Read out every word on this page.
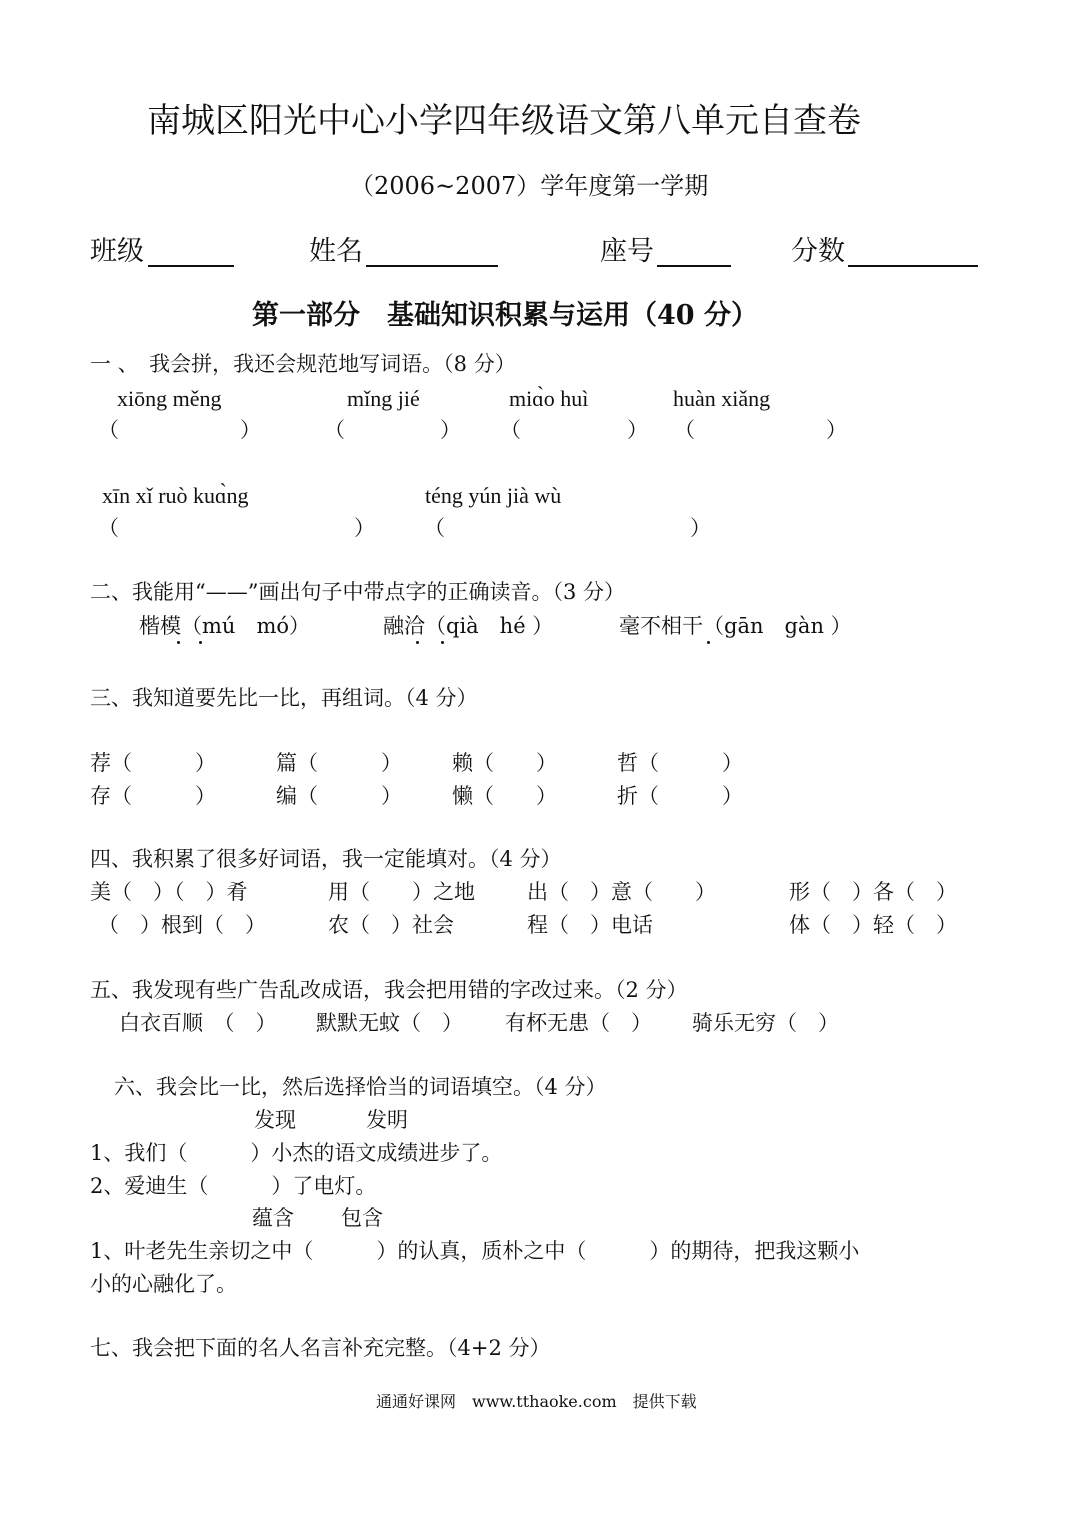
南城区阳光中心小学四年级语文第八单元自查卷
（2006~2007）学年度第一学期
班级	姓名	座号	分数
第一部分　基础知识积累与运用（40 分）
一 、　我会拼，我还会规范地写词语。（8 分）
xiōng měng	mǐng jié	miɑ̀o huì	huàn xiǎng
（	）	（	） （	） （	）
xīn xǐ ruò kuɑ̀ng	téng yún jià wù
（	） （	）
二、我能用“——”画出句子中带点字的正确读音。（3 分）
楷模（mú　mó）	融洽（qià　hé ）	毫不相干（gān　gàn ）
三、我知道要先比一比，再组词。（4 分）
荐（　　　）	篇（　　　） 赖（　　）	哲（　　　）
存（　　　）	编（　　　） 懒（　　）	折（　　　）
四、我积累了很多好词语，我一定能填对。（4 分）
美（　）（　）肴	用（　　）之地 出（　）意（　　）	形（　）各（　）
（　）根到（　）	农（　）社会	程（　）电话	体（　）轻（　）
五、我发现有些广告乱改成语，我会把用错的字改过来。（2 分）
白衣百顺　（　） 默默无蚊（　） 有杯无患（　） 骑乐无穷（　）
六、我会比一比，然后选择恰当的词语填空。（4 分）
发现	发明
1、我们（　　　）小杰的语文成绩进步了。
2、爱迪生（　　　）了电灯。
蕴含 包含
1、叶老先生亲切之中（　　　）的认真，质朴之中（　　　）的期待，把我这颗小
小的心融化了。
七、我会把下面的名人名言补充完整。（4+2 分）
通通好课网　www.tthaoke.com　提供下载
